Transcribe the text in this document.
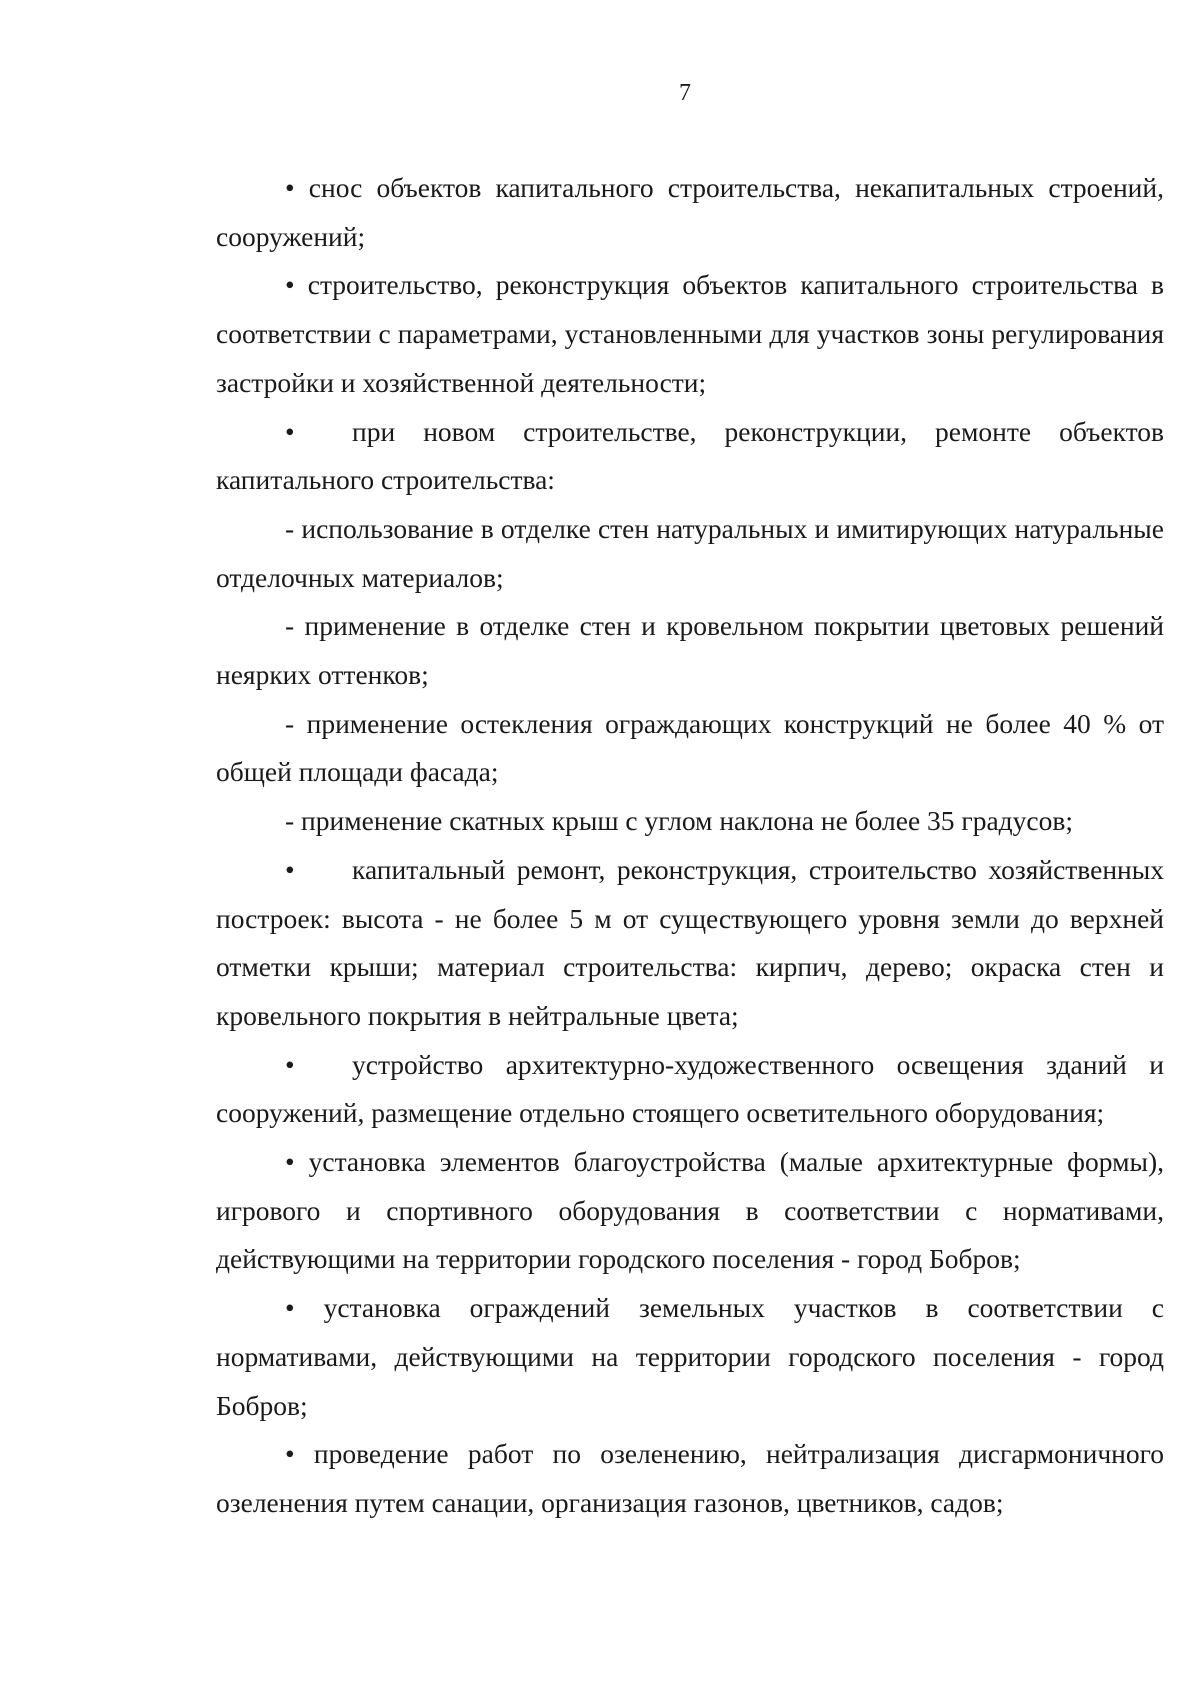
7

• снос объектов капитального строительства, некапитальных строений, сооружений;

• строительство, реконструкция объектов капитального строительства в соответствии с параметрами, установленными для участков зоны регулирования застройки и хозяйственной деятельности;

• при новом строительстве, реконструкции, ремонте объектов капитального строительства:

- использование в отделке стен натуральных и имитирующих натуральные отделочных материалов;

- применение в отделке стен и кровельном покрытии цветовых решений неярких оттенков;

- применение остекления ограждающих конструкций не более 40 % от общей площади фасада;

- применение скатных крыш с углом наклона не более 35 градусов;

• капитальный ремонт, реконструкция, строительство хозяйственных построек: высота - не более 5 м от существующего уровня земли до верхней отметки крыши; материал строительства: кирпич, дерево; окраска стен и кровельного покрытия в нейтральные цвета;

• устройство архитектурно-художественного освещения зданий и сооружений, размещение отдельно стоящего осветительного оборудования;

• установка элементов благоустройства (малые архитектурные формы), игрового и спортивного оборудования в соответствии с нормативами, действующими на территории городского поселения - город Бобров;

• установка ограждений земельных участков в соответствии с нормативами, действующими на территории городского поселения - город Бобров;

• проведение работ по озеленению, нейтрализация дисгармоничного озеленения путем санации, организация газонов, цветников, садов;
